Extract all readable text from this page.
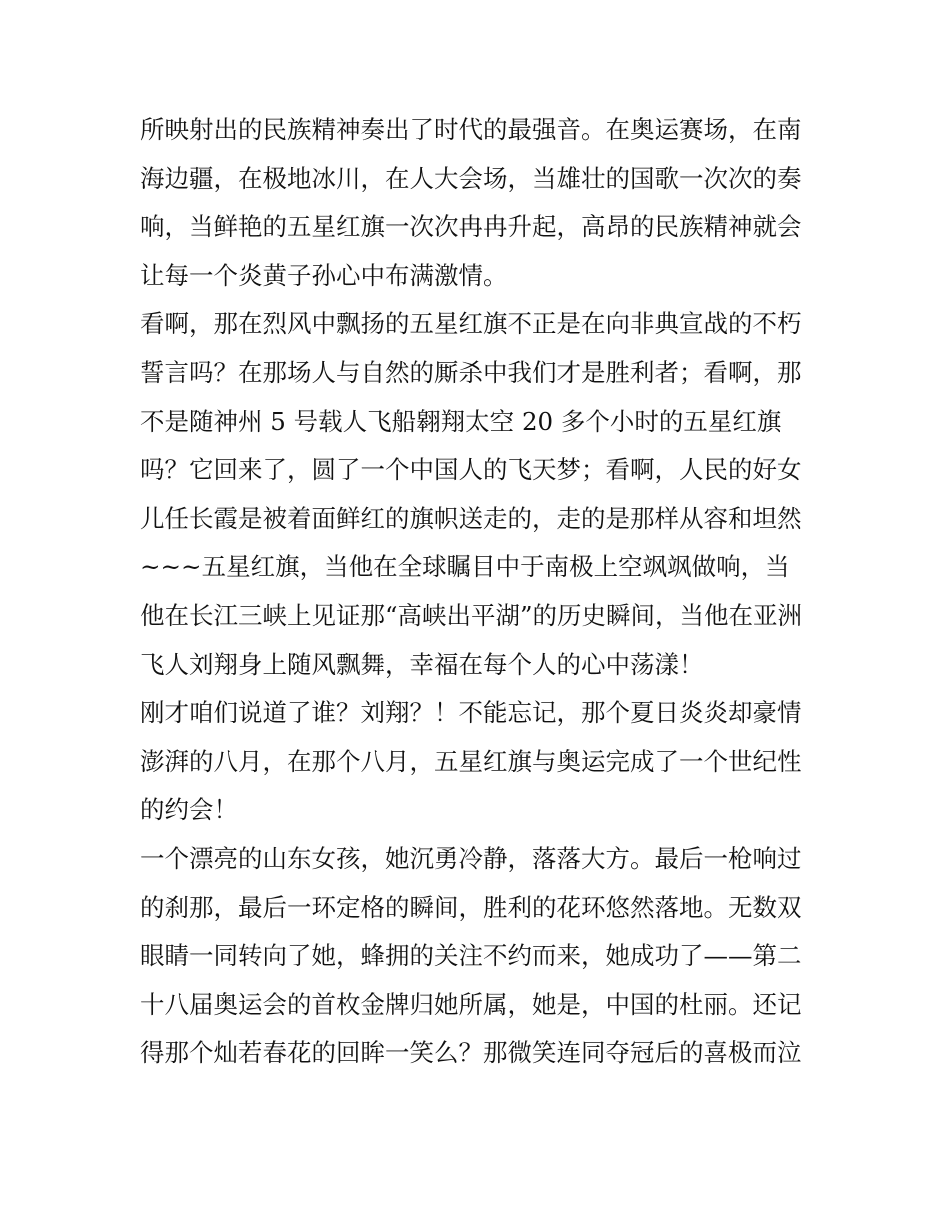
所映射出的民族精神奏出了时代的最强音。在奥运赛场，在南
海边疆，在极地冰川，在人大会场，当雄壮的国歌一次次的奏
响，当鲜艳的五星红旗一次次冉冉升起，高昂的民族精神就会
让每一个炎黄子孙心中布满激情。
看啊，那在烈风中飘扬的五星红旗不正是在向非典宣战的不朽
誓言吗？在那场人与自然的厮杀中我们才是胜利者；看啊，那
不是随神州 5 号载人飞船翱翔太空 20 多个小时的五星红旗
吗？它回来了，圆了一个中国人的飞天梦；看啊，人民的好女
儿任长霞是被着面鲜红的旗帜送走的，走的是那样从容和坦然
~~~五星红旗，当他在全球瞩目中于南极上空飒飒做响，当
他在长江三峡上见证那“高峡出平湖”的历史瞬间，当他在亚洲
飞人刘翔身上随风飘舞，幸福在每个人的心中荡漾！
刚才咱们说道了谁？刘翔？！不能忘记，那个夏日炎炎却豪情
澎湃的八月，在那个八月，五星红旗与奥运完成了一个世纪性
的约会！
一个漂亮的山东女孩，她沉勇冷静，落落大方。最后一枪响过
的刹那，最后一环定格的瞬间，胜利的花环悠然落地。无数双
眼睛一同转向了她，蜂拥的关注不约而来，她成功了——第二
十八届奥运会的首枚金牌归她所属，她是，中国的杜丽。还记
得那个灿若春花的回眸一笑么？那微笑连同夺冠后的喜极而泣
